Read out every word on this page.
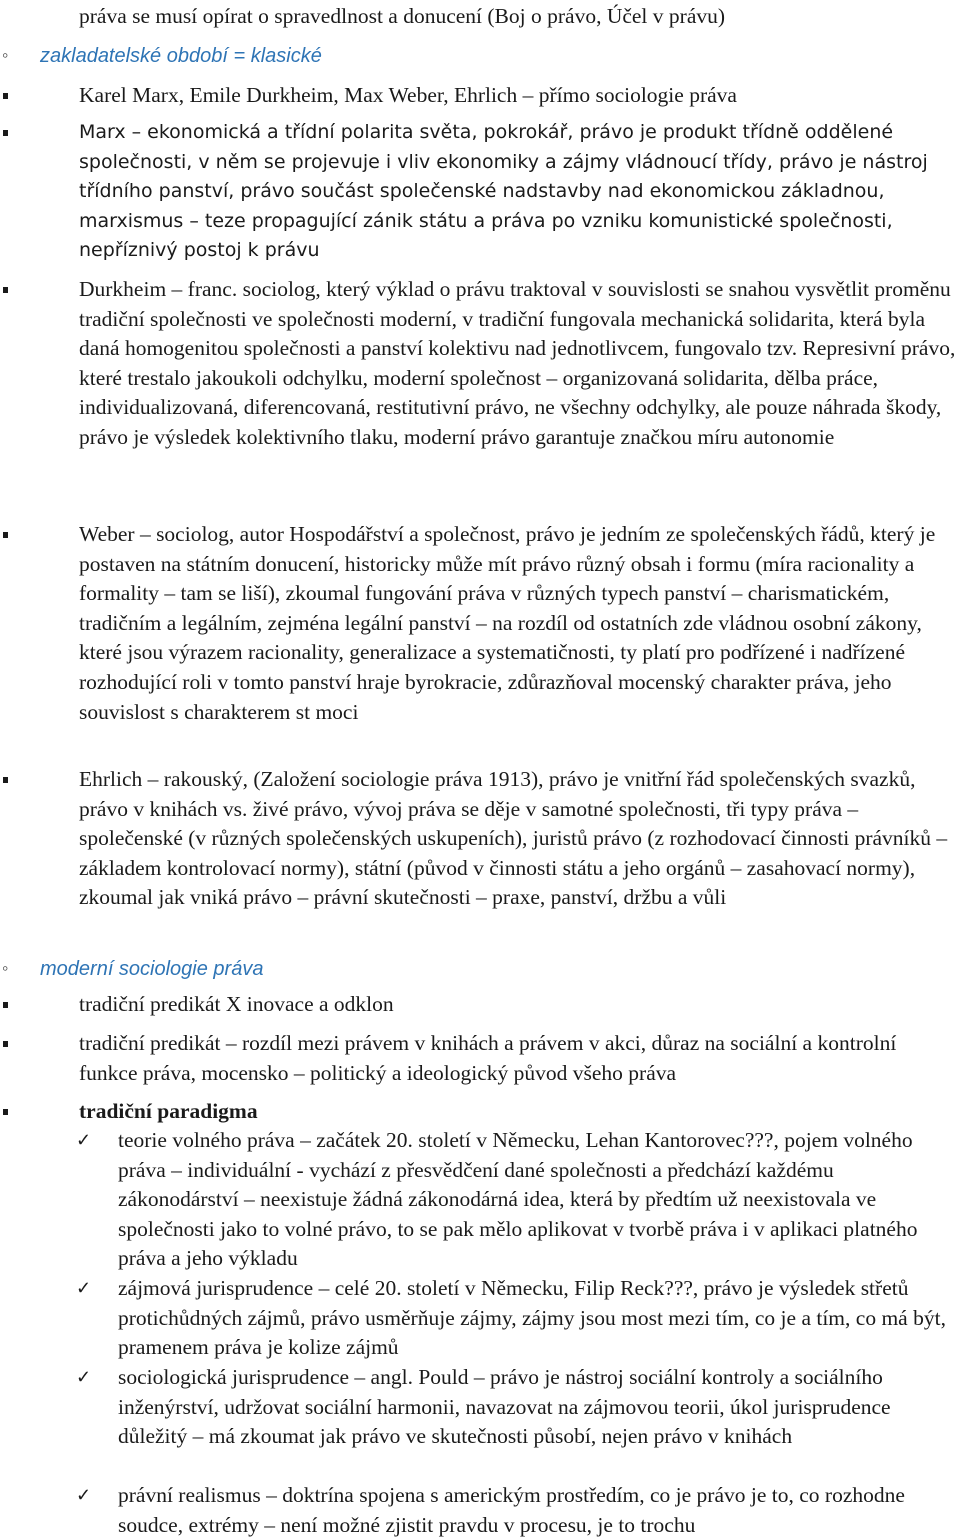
práva se musí opírat o spravedlnost a donucení (Boj o právo, Účel v právu)
◦ zakladatelské období = klasické
Karel Marx, Emile Durkheim, Max Weber, Ehrlich – přímo sociologie práva
Marx – ekonomická a třídní polarita světa, pokrokář, právo je produkt třídně oddělené společnosti, v něm se projevuje i vliv ekonomiky a zájmy vládnoucí třídy, právo je nástroj třídního panství, právo součást společenské nadstavby nad ekonomickou základnou, marxismus – teze propagující zánik státu a práva po vzniku komunistické společnosti, nepříznivý postoj k právu
Durkheim – franc. sociolog, který výklad o právu traktoval v souvislosti se snahou vysvětlit proměnu tradiční společnosti ve společnosti moderní, v tradiční fungovala mechanická solidarita, která byla daná homogenitou společnosti a panství kolektivu nad jednotlivcem, fungovalo tzv. Represivní právo, které trestalo jakoukoli odchylku, moderní společnost – organizovaná solidarita, dělba práce, individualizovaná, diferencovaná, restitutivní právo, ne všechny odchylky, ale pouze náhrada škody, právo je výsledek kolektivního tlaku, moderní právo garantuje značkou míru autonomie
Weber – sociolog, autor Hospodářství a společnost, právo je jedním ze společenských řádů, který je postaven na státním donucení, historicky může mít právo různý obsah i formu (míra racionality a formality – tam se liší), zkoumal fungování práva v různých typech panství – charismatickém, tradičním a legálním, zejména legální panství – na rozdíl od ostatních zde vládnou osobní zákony, které jsou výrazem racionality, generalizace a systematičnosti, ty platí pro podřízené i nadřízené rozhodující roli v tomto panství hraje byrokracie, zdůrazňoval mocenský charakter práva, jeho souvislost s charakterem st moci
Ehrlich – rakouský, (Založení sociologie práva 1913), právo je vnitřní řád společenských svazků, právo v knihách vs. živé právo, vývoj práva se děje v samotné společnosti, tři typy práva – společenské (v různých společenských uskupeních), juristů právo (z rozhodovací činnosti právníků – základem kontrolovací normy), státní (původ v činnosti státu a jeho orgánů – zasahovací normy), zkoumal jak vniká právo – právní skutečnosti – praxe, panství, držbu a vůli
◦ moderní sociologie práva
tradiční predikát X inovace a odklon
tradiční predikát – rozdíl mezi právem v knihách a právem v akci, důraz na sociální a kontrolní funkce práva, mocensko – politický a ideologický původ všeho práva
tradiční paradigma
✓ teorie volného práva – začátek 20. století v Německu, Lehan Kantorovec???, pojem volného práva – individuální - vychází z přesvědčení dané společnosti a předchází každému zákonodárství – neexistuje žádná zákonodárná idea, která by předtím už neexistovala ve společnosti jako to volné právo, to se pak mělo aplikovat v tvorbě práva i v aplikaci platného práva a jeho výkladu
✓ zájmová jurisprudence – celé 20. století v Německu, Filip Reck???, právo je výsledek střetů protichůdných zájmů, právo usměrňuje zájmy, zájmy jsou most mezi tím, co je a tím, co má být, pramenem práva je kolize zájmů
✓ sociologická jurisprudence – angl. Pould – právo je nástroj sociální kontroly a sociálního inženýrství, udržovat sociální harmonii, navazovat na zájmovou teorii, úkol jurisprudence důležitý – má zkoumat jak právo ve skutečnosti působí, nejen právo v knihách
✓ právní realismus – doktrína spojena s americkým prostředím, co je právo je to, co rozhodne soudce, extrémy – není možné zjistit pravdu v procesu, je to trochu
